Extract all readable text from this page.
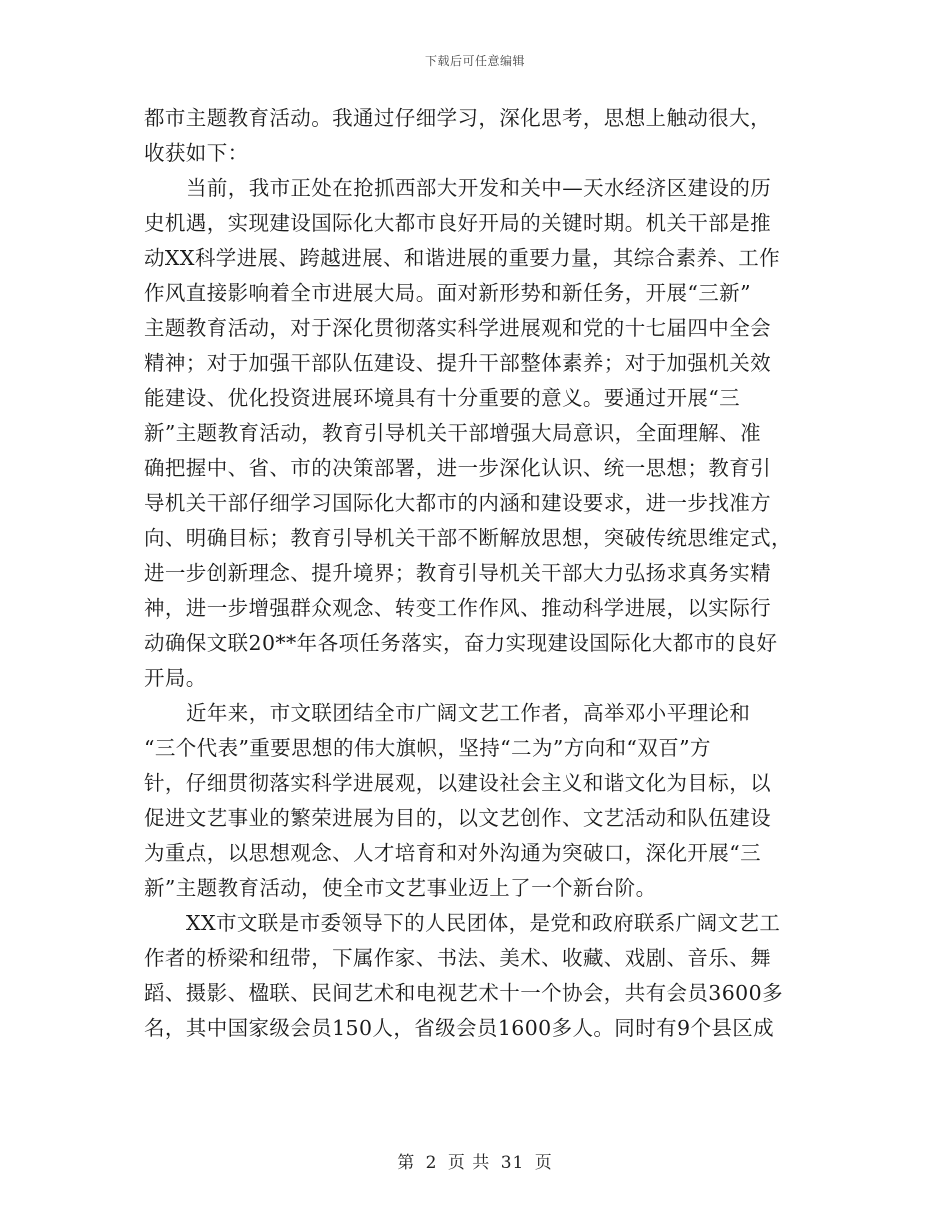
下载后可任意编辑
都市主题教育活动。我通过仔细学习，深化思考，思想上触动很大，
收获如下：
当前，我市正处在抢抓西部大开发和关中—天水经济区建设的历
史机遇，实现建设国际化大都市良好开局的关键时期。机关干部是推
动XX科学进展、跨越进展、和谐进展的重要力量，其综合素养、工作
作风直接影响着全市进展大局。面对新形势和新任务，开展“三新”
主题教育活动，对于深化贯彻落实科学进展观和党的十七届四中全会
精神；对于加强干部队伍建设、提升干部整体素养；对于加强机关效
能建设、优化投资进展环境具有十分重要的意义。要通过开展“三
新”主题教育活动，教育引导机关干部增强大局意识，全面理解、准
确把握中、省、市的决策部署，进一步深化认识、统一思想；教育引
导机关干部仔细学习国际化大都市的内涵和建设要求，进一步找准方
向、明确目标；教育引导机关干部不断解放思想，突破传统思维定式，
进一步创新理念、提升境界；教育引导机关干部大力弘扬求真务实精
神，进一步增强群众观念、转变工作作风、推动科学进展，以实际行
动确保文联20**年各项任务落实，奋力实现建设国际化大都市的良好
开局。
近年来，市文联团结全市广阔文艺工作者，高举邓小平理论和
“三个代表”重要思想的伟大旗帜，坚持“二为”方向和“双百”方
针，仔细贯彻落实科学进展观，以建设社会主义和谐文化为目标，以
促进文艺事业的繁荣进展为目的，以文艺创作、文艺活动和队伍建设
为重点，以思想观念、人才培育和对外沟通为突破口，深化开展“三
新”主题教育活动，使全市文艺事业迈上了一个新台阶。
XX市文联是市委领导下的人民团体，是党和政府联系广阔文艺工
作者的桥梁和纽带，下属作家、书法、美术、收藏、戏剧、音乐、舞
蹈、摄影、楹联、民间艺术和电视艺术十一个协会，共有会员3600多
名，其中国家级会员150人，省级会员1600多人。同时有9个县区成
第 2 页 共 31 页
